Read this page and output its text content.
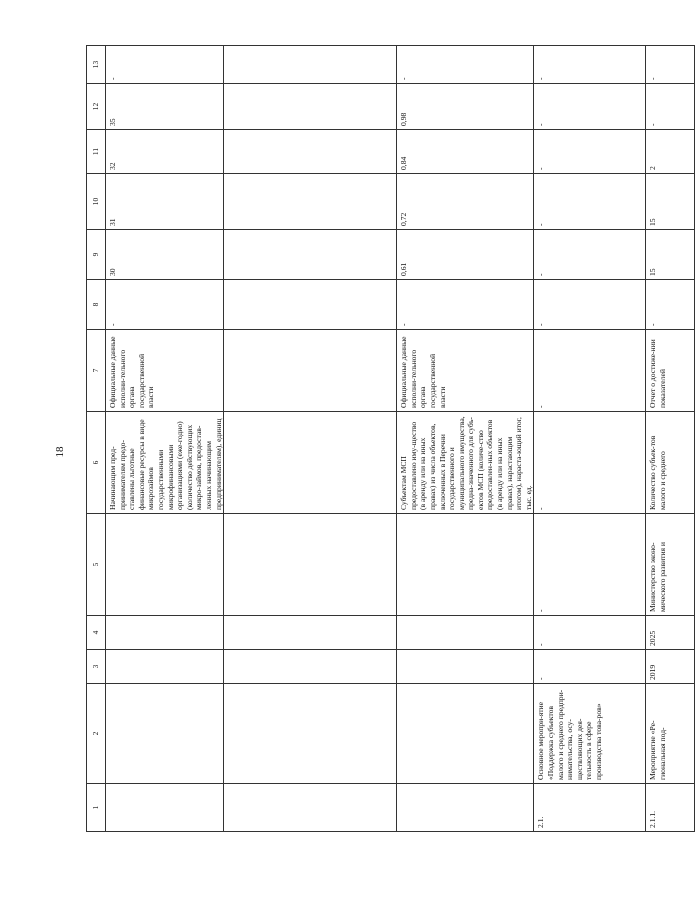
18
1	2	3	4	5	6	7	8	9	10	11	12	13
					Начинающим пред-принимателям предо-ставлены льготные финансовые ресурсы в виде микрозаймов государственными микрофинансовыми организациями (еже-годно) (количество действующих микро-займов, предостав-ленных начинающим предпринимателям), единиц	Официальные данные исполни-тельного органа государственной власти	-	30	31	32	35	-

					Субъектам МСП предоставлено иму-щество (в аренду или на иных правах) из числа объектов, включенных в Перечни государственного и муниципального имущества, предна-значенного для субъ-ектов МСП (количе-ство предоставлен-ных объектов (в аренду или на иных правах), нарастающим итогом), нараста-ющий итог, тыс. ед.	Официальные данные исполни-тельного органа государственной власти	-	0,61	0,72	0,84	0,98	-
2.1.	Основное меропри-ятие «Поддержка субъектов малого и среднего предпри-нимательства, осу-ществляющих дея-тельность в сфере производства това-ров»	-	-	-	-	-	-	-	-	-	-	-
2.1.1.	Мероприятие «Ре-гиональная под-	2019	2025	Министерство эконо-мического развития и	Количество субъек-тов малого и среднего	Отчет о достиже-нии показателей	-	15	15	2	-	-
